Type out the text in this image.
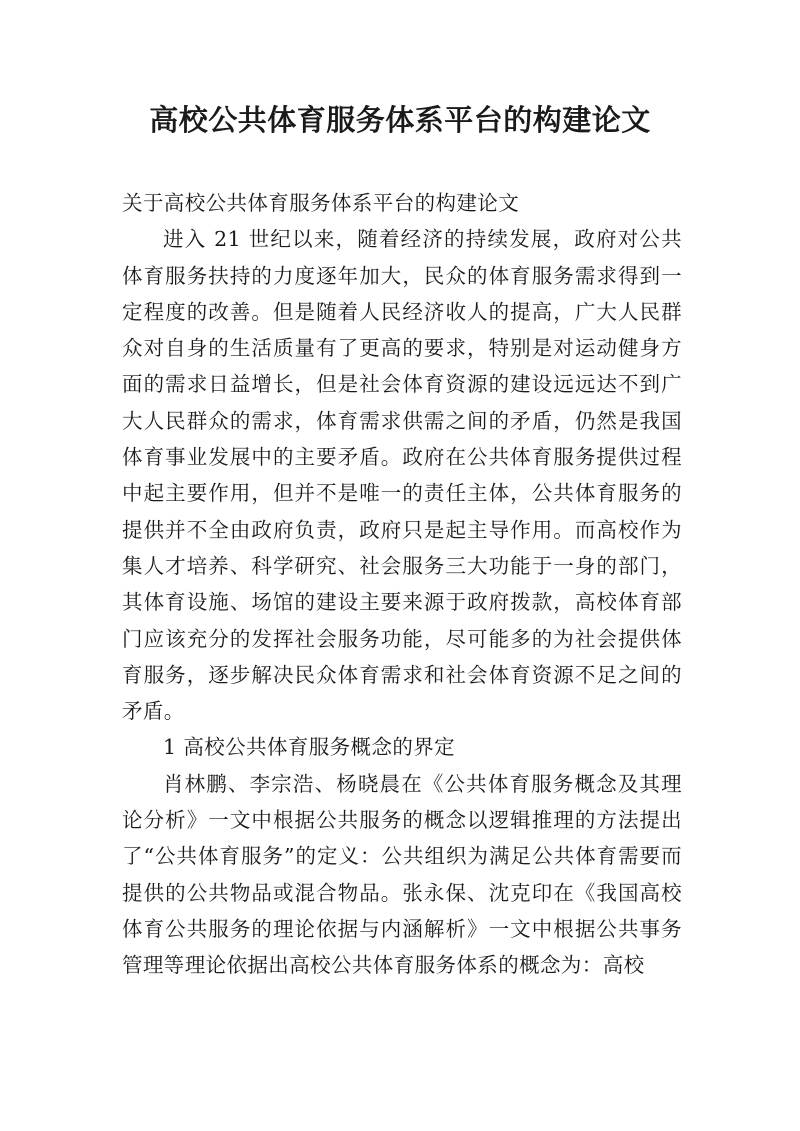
高校公共体育服务体系平台的构建论文

关于高校公共体育服务体系平台的构建论文

进入 21 世纪以来，随着经济的持续发展，政府对公共体育服务扶持的力度逐年加大，民众的体育服务需求得到一定程度的改善。但是随着人民经济收人的提高，广大人民群众对自身的生活质量有了更高的要求，特别是对运动健身方面的需求日益增长，但是社会体育资源的建设远远达不到广大人民群众的需求，体育需求供需之间的矛盾，仍然是我国体育事业发展中的主要矛盾。政府在公共体育服务提供过程中起主要作用，但并不是唯一的责任主体，公共体育服务的提供并不全由政府负责，政府只是起主导作用。而高校作为集人才培养、科学研究、社会服务三大功能于一身的部门，其体育设施、场馆的建设主要来源于政府拨款，高校体育部门应该充分的发挥社会服务功能，尽可能多的为社会提供体育服务，逐步解决民众体育需求和社会体育资源不足之间的矛盾。

1 高校公共体育服务概念的界定

肖林鹏、李宗浩、杨晓晨在《公共体育服务概念及其理论分析》一文中根据公共服务的概念以逻辑推理的方法提出了“公共体育服务”的定义：公共组织为满足公共体育需要而提供的公共物品或混合物品。张永保、沈克印在《我国高校体育公共服务的理论依据与内涵解析》一文中根据公共事务管理等理论依据出高校公共体育服务体系的概念为：高校
